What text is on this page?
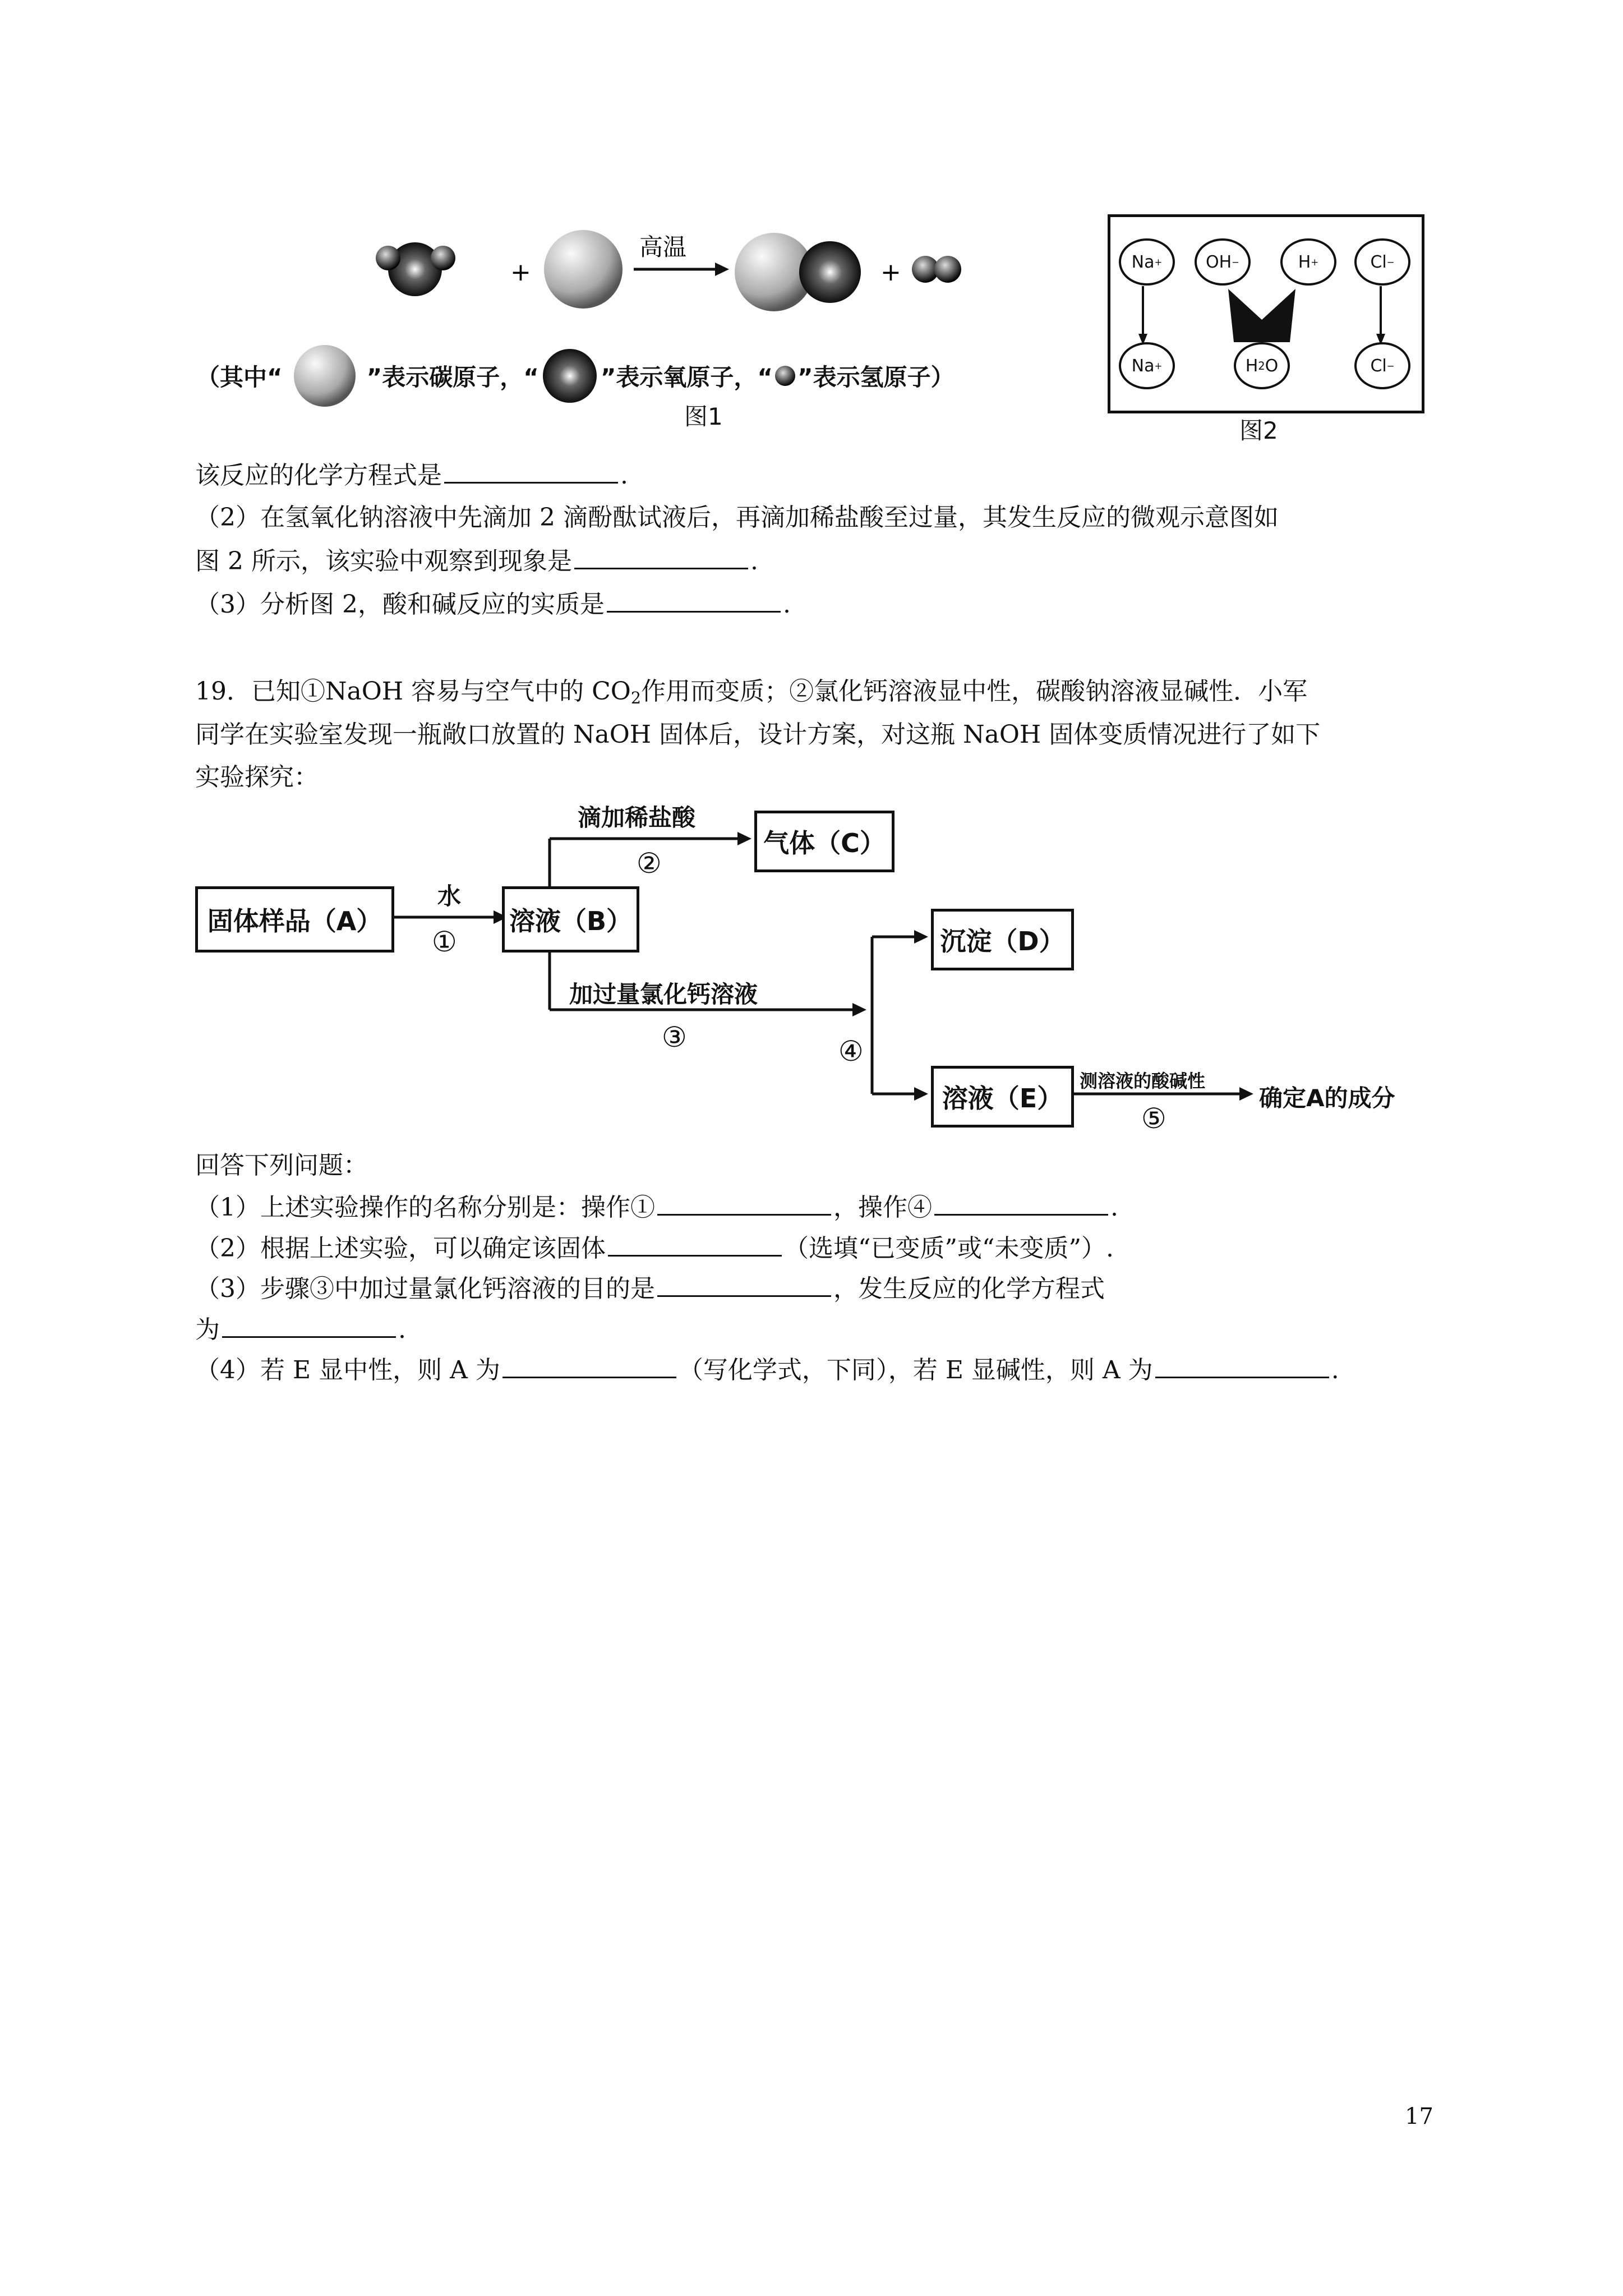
+
高温
+
（其中“	”表示碳原子，“	”表示氧原子，“ ”表示氢原子）
图1
Na +	OH −	H +	Cl −
Na +	H 2 O	Cl −
图2
该反应的化学方程式是	.
（2）在氢氧化钠溶液中先滴加 2 滴酚酞试液后，再滴加稀盐酸至过量，其发生反应的微观示意图如
图 2 所示，该实验中观察到现象是	.
（3）分析图 2，酸和碱反应的实质是	.
19．已知①NaOH 容易与空气中的 $CO_2$作用而变质；②氯化钙溶液显中性，碳酸钠溶液显碱性．小军
同学在实验室发现一瓶敞口放置的 NaOH 固体后，设计方案，对这瓶 NaOH 固体变质情况进行了如下
实验探究：
固体样品（A）	溶液（B）
气体（C）
沉淀（D）
溶液（E）
水
①
滴加稀盐酸
②
加过量氯化钙溶液
③	④
测溶液的酸碱性
⑤
确定A的成分
回答下列问题：
（1）上述实验操作的名称分别是：操作①	，操作④	.
（2）根据上述实验，可以确定该固体	（选填“已变质”或“未变质”）.
（3）步骤③中加过量氯化钙溶液的目的是	，发生反应的化学方程式
为	.
（4）若 E 显中性，则 A 为	（写化学式，下同），若 E 显碱性，则 A 为	.
17
